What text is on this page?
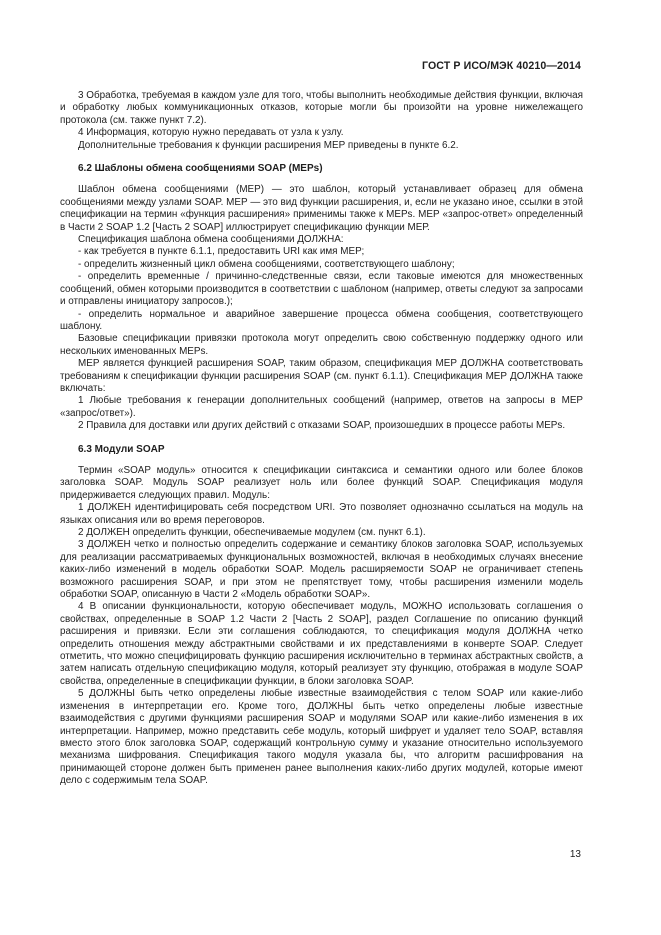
ГОСТ Р ИСО/МЭК 40210—2014
3 Обработка, требуемая в каждом узле для того, чтобы выполнить необходимые действия функции, включая и обработку любых коммуникационных отказов, которые могли бы произойти на уровне нижележащего протокола (см. также пункт 7.2).
4 Информация, которую нужно передавать от узла к узлу.
Дополнительные требования к функции расширения МЕР приведены в пункте 6.2.
6.2 Шаблоны обмена сообщениями SOAP (MEPs)
Шаблон обмена сообщениями (МЕР) — это шаблон, который устанавливает образец для обмена сообщениями между узлами SOAP. МЕР — это вид функции расширения, и, если не указано иное, ссылки в этой спецификации на термин «функция расширения» применимы также к MEPs. МЕР «запрос-ответ» определенный в Части 2 SOAP 1.2 [Часть 2 SOAP] иллюстрирует спецификацию функции МЕР.
Спецификация шаблона обмена сообщениями ДОЛЖНА:
- как требуется в пункте 6.1.1, предоставить URI как имя МЕР;
- определить жизненный цикл обмена сообщениями, соответствующего шаблону;
- определить временные / причинно-следственные связи, если таковые имеются для множественных сообщений, обмен которыми производится в соответствии с шаблоном (например, ответы следуют за запросами и отправлены инициатору запросов.);
- определить нормальное и аварийное завершение процесса обмена сообщения, соответствующего шаблону.
Базовые спецификации привязки протокола могут определить свою собственную поддержку одного или нескольких именованных MEPs.
МЕР является функцией расширения SOAP, таким образом, спецификация МЕР ДОЛЖНА соответствовать требованиям к спецификации функции расширения SOAP (см. пункт 6.1.1). Спецификация МЕР ДОЛЖНА также включать:
1 Любые требования к генерации дополнительных сообщений (например, ответов на запросы в МЕР «запрос/ответ»).
2 Правила для доставки или других действий с отказами SOAP, произошедших в процессе работы MEPs.
6.3 Модули SOAP
Термин «SOAP модуль» относится к спецификации синтаксиса и семантики одного или более блоков заголовка SOAP. Модуль SOAP реализует ноль или более функций SOAP. Спецификация модуля придерживается следующих правил. Модуль:
1 ДОЛЖЕН идентифицировать себя посредством URI. Это позволяет однозначно ссылаться на модуль на языках описания или во время переговоров.
2 ДОЛЖЕН определить функции, обеспечиваемые модулем (см. пункт 6.1).
3 ДОЛЖЕН четко и полностью определить содержание и семантику блоков заголовка SOAP, используемых для реализации рассматриваемых функциональных возможностей, включая в необходимых случаях внесение каких-либо изменений в модель обработки SOAP. Модель расширяемости SOAP не ограничивает степень возможного расширения SOAP, и при этом не препятствует тому, чтобы расширения изменили модель обработки SOAP, описанную в Части 2 «Модель обработки SOAP».
4 В описании функциональности, которую обеспечивает модуль, МОЖНО использовать соглашения о свойствах, определенные в SOAP 1.2 Части 2 [Часть 2 SOAP], раздел Соглашение по описанию функций расширения и привязки. Если эти соглашения соблюдаются, то спецификация модуля ДОЛЖНА четко определить отношения между абстрактными свойствами и их представлениями в конверте SOAP. Следует отметить, что можно специфицировать функцию расширения исключительно в терминах абстрактных свойств, а затем написать отдельную спецификацию модуля, который реализует эту функцию, отображая в модуле SOAP свойства, определенные в спецификации функции, в блоки заголовка SOAP.
5 ДОЛЖНЫ быть четко определены любые известные взаимодействия с телом SOAP или какие-либо изменения в интерпретации его. Кроме того, ДОЛЖНЫ быть четко определены любые известные взаимодействия с другими функциями расширения SOAP и модулями SOAP или какие-либо изменения в их интерпретации. Например, можно представить себе модуль, который шифрует и удаляет тело SOAP, вставляя вместо этого блок заголовка SOAP, содержащий контрольную сумму и указание относительно используемого механизма шифрования. Спецификация такого модуля указала бы, что алгоритм расшифрования на принимающей стороне должен быть применен ранее выполнения каких-либо других модулей, которые имеют дело с содержимым тела SOAP.
13
